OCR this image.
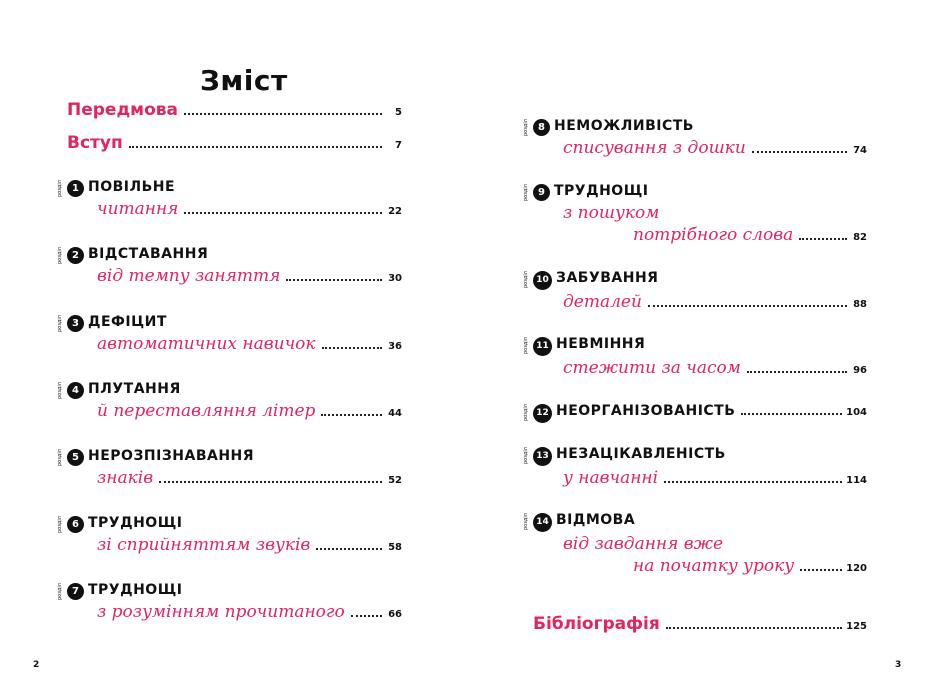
Зміст
Передмова	5
Вступ	7
розділ 1 ПОВІЛЬНЕ
читання	22
розділ 2 ВІДСТАВАННЯ
від темпу заняття	30
розділ 3 ДЕФІЦИТ
автоматичних навичок	36
розділ 4 ПЛУТАННЯ
й переставляння літер	44
розділ 5 НЕРОЗПІЗНАВАННЯ
знаків	52
розділ 6 ТРУДНОЩІ
зі сприйняттям звуків	58
розділ 7 ТРУДНОЩІ
з розумінням прочитаного	66
розділ 8 НЕМОЖЛИВІСТЬ
списування з дошки	74
розділ 9 ТРУДНОЩІ
з пошуком
потрібного слова	82
розділ 10 ЗАБУВАННЯ
деталей	88
розділ 11 НЕВМІННЯ
стежити за часом	96
розділ 12 НЕОРГАНІЗОВАНІСТЬ	104
розділ 13 НЕЗАЦІКАВЛЕНІСТЬ
у навчанні	114
розділ 14 ВІДМОВА
від завдання вже
на початку уроку	120
Бібліографія	125
2	3
